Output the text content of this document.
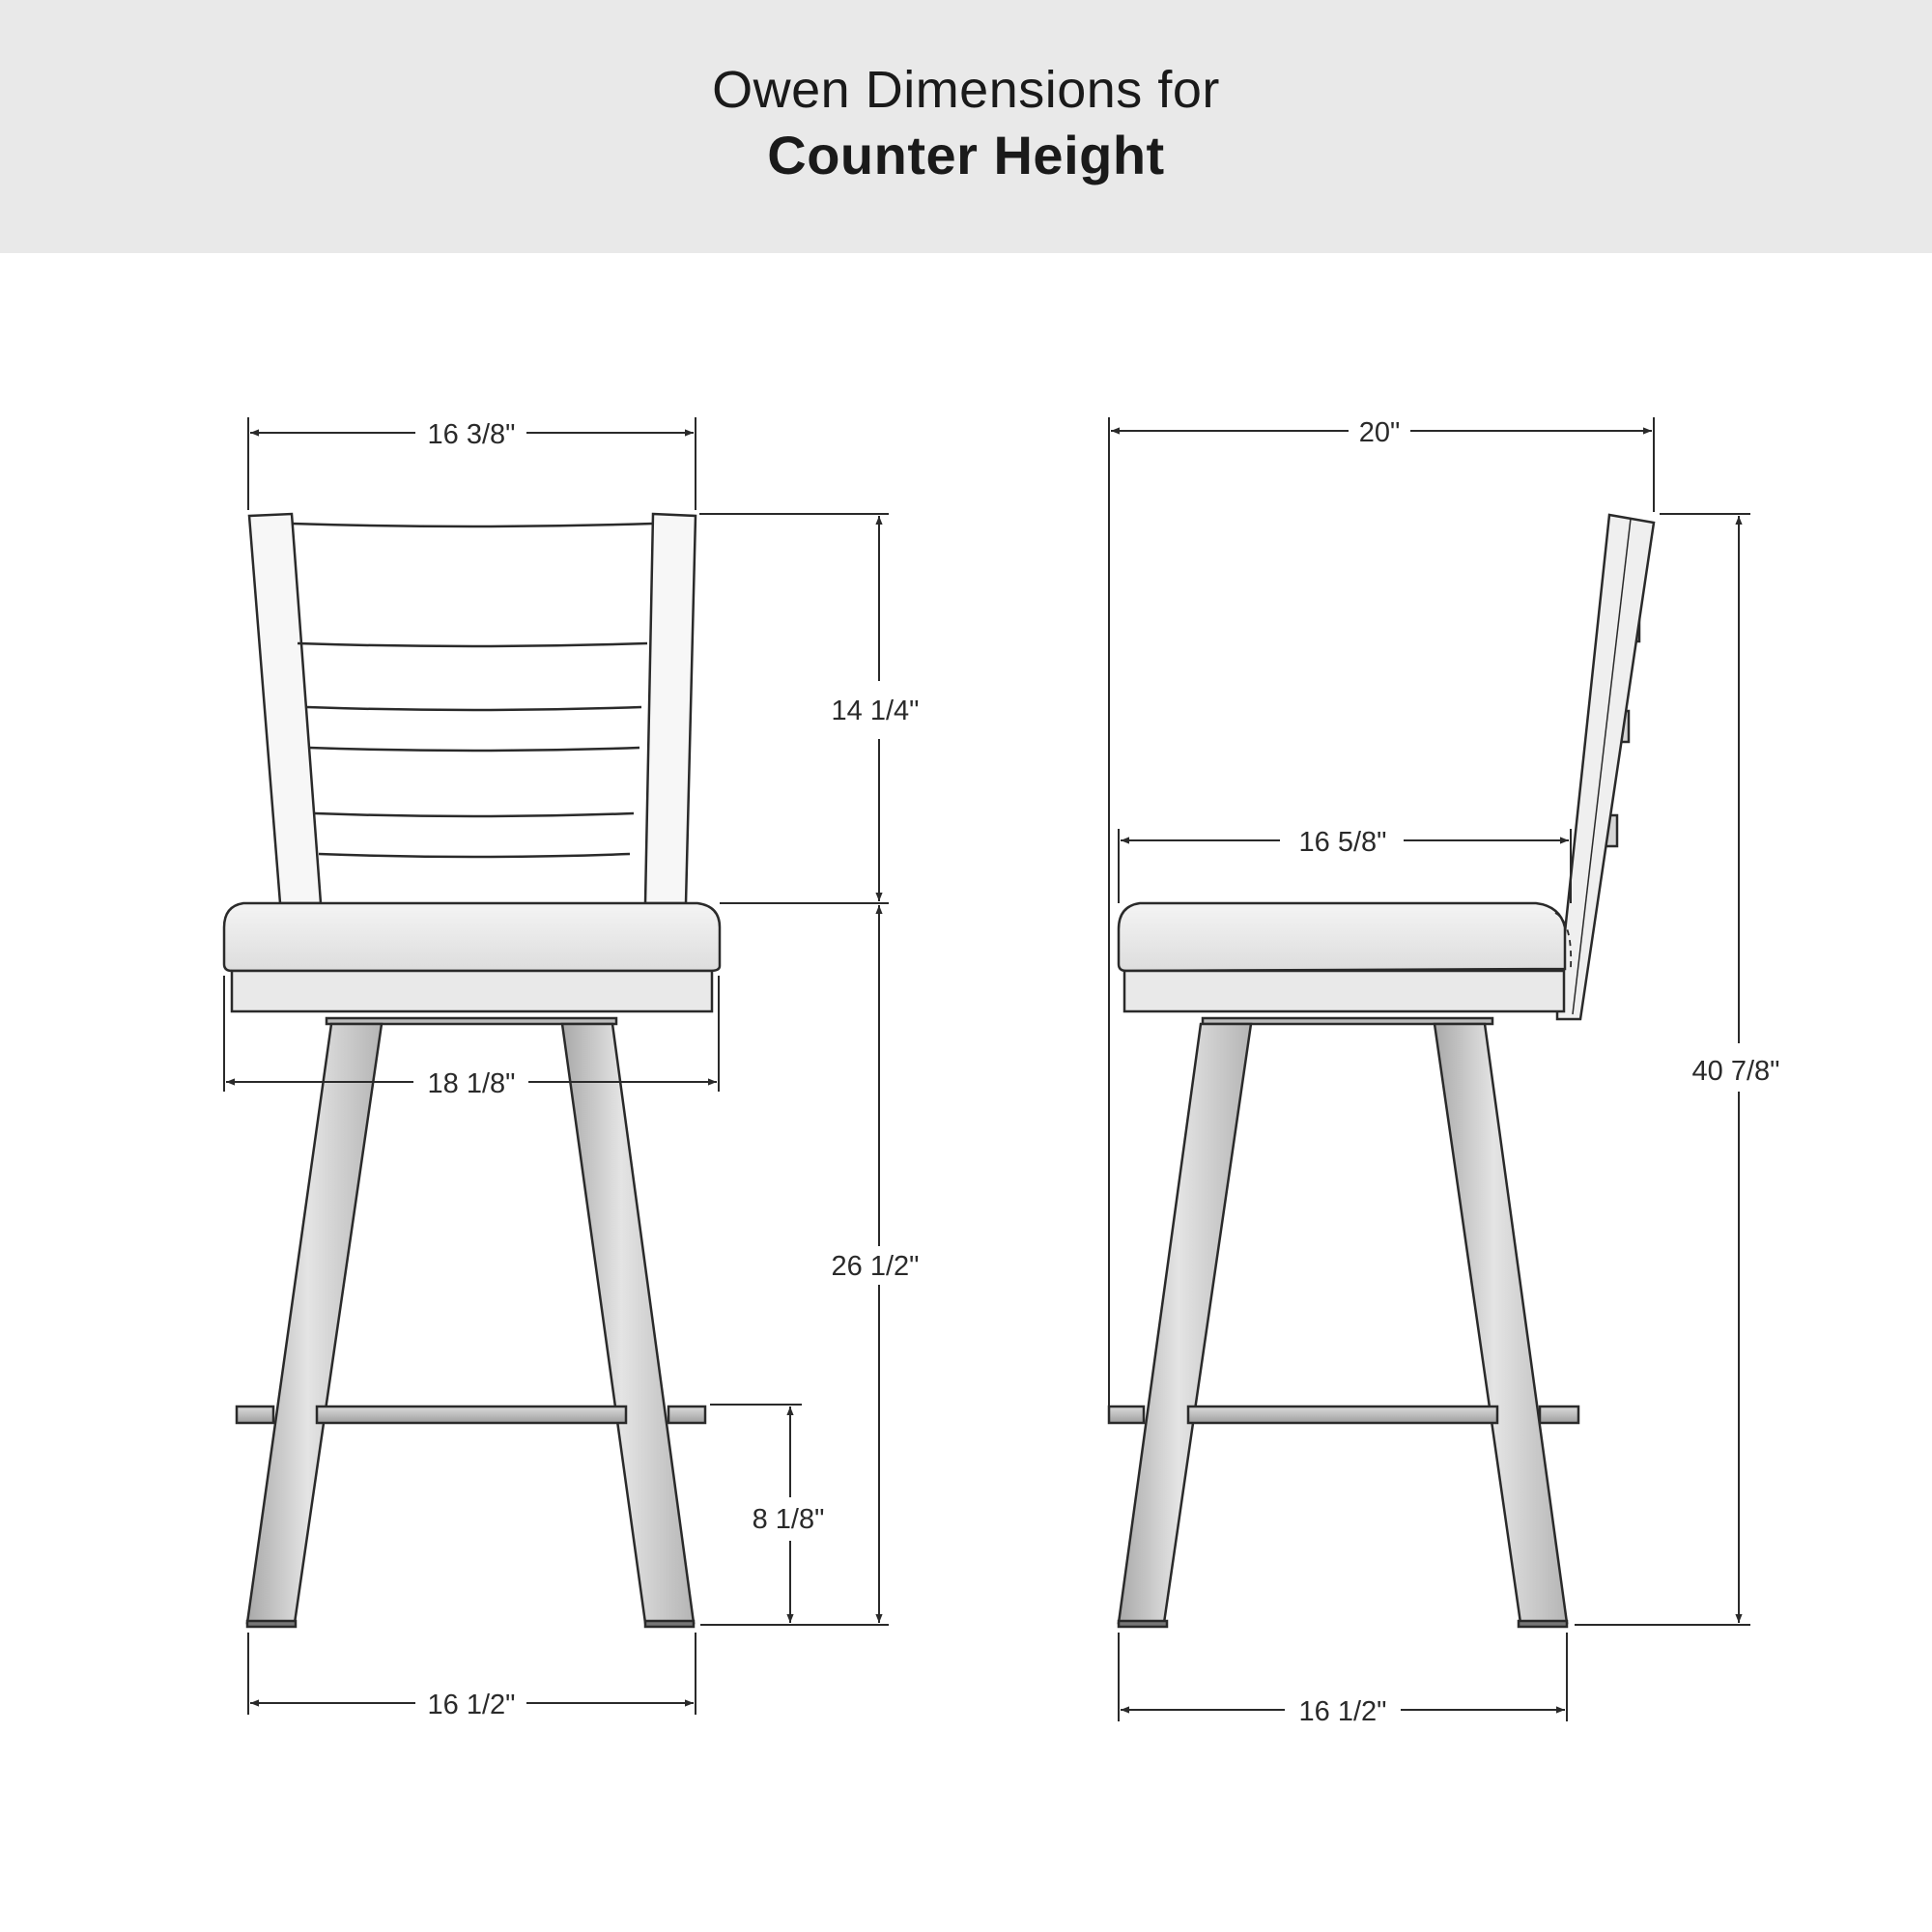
Owen Dimensions for
Counter Height
16 3/8"
14 1/4"
18 1/8"
26 1/2"
8 1/8"
16 1/2"
20"
16 5/8"
40 7/8"
16 1/2"
